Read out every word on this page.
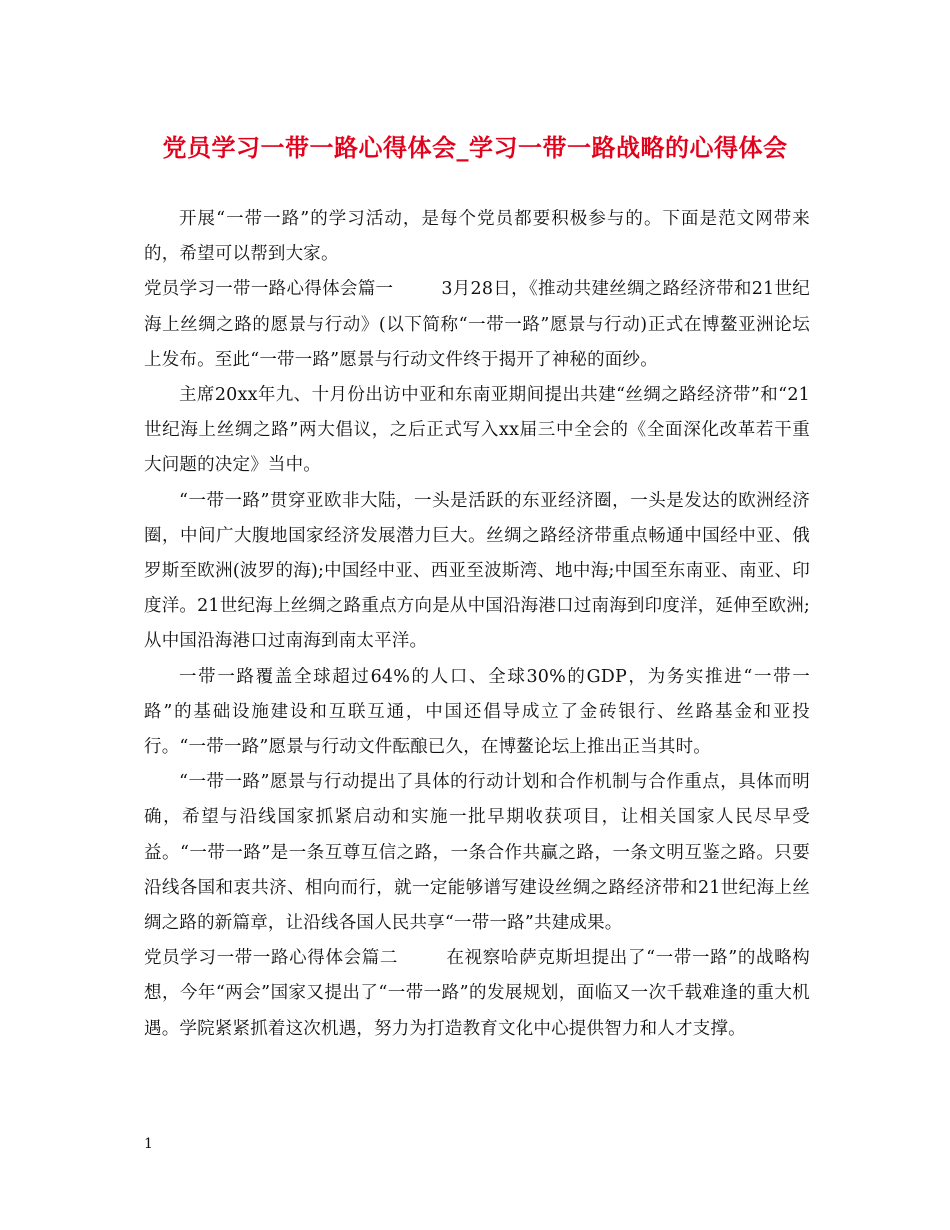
党员学习一带一路心得体会_学习一带一路战略的心得体会

开展“一带一路”的学习活动，是每个党员都要积极参与的。下面是范文网带来的，希望可以帮到大家。

党员学习一带一路心得体会篇一	3月28日，《推动共建丝绸之路经济带和21世纪海上丝绸之路的愿景与行动》(以下简称“一带一路”愿景与行动)正式在博鳌亚洲论坛上发布。至此“一带一路”愿景与行动文件终于揭开了神秘的面纱。

主席20xx年九、十月份出访中亚和东南亚期间提出共建“丝绸之路经济带”和“21世纪海上丝绸之路”两大倡议，之后正式写入xx届三中全会的《全面深化改革若干重大问题的决定》当中。

“一带一路”贯穿亚欧非大陆，一头是活跃的东亚经济圈，一头是发达的欧洲经济圈，中间广大腹地国家经济发展潜力巨大。丝绸之路经济带重点畅通中国经中亚、俄罗斯至欧洲(波罗的海);中国经中亚、西亚至波斯湾、地中海;中国至东南亚、南亚、印度洋。21世纪海上丝绸之路重点方向是从中国沿海港口过南海到印度洋，延伸至欧洲;从中国沿海港口过南海到南太平洋。

一带一路覆盖全球超过64%的人口、全球30%的GDP，为务实推进“一带一路”的基础设施建设和互联互通，中国还倡导成立了金砖银行、丝路基金和亚投行。“一带一路”愿景与行动文件酝酿已久，在博鳌论坛上推出正当其时。

“一带一路”愿景与行动提出了具体的行动计划和合作机制与合作重点，具体而明确，希望与沿线国家抓紧启动和实施一批早期收获项目，让相关国家人民尽早受益。“一带一路”是一条互尊互信之路，一条合作共赢之路，一条文明互鉴之路。只要沿线各国和衷共济、相向而行，就一定能够谱写建设丝绸之路经济带和21世纪海上丝绸之路的新篇章，让沿线各国人民共享“一带一路”共建成果。

党员学习一带一路心得体会篇二	在视察哈萨克斯坦提出了“一带一路”的战略构想，今年“两会”国家又提出了“一带一路”的发展规划，面临又一次千载难逢的重大机遇。学院紧紧抓着这次机遇，努力为打造教育文化中心提供智力和人才支撑。

1
